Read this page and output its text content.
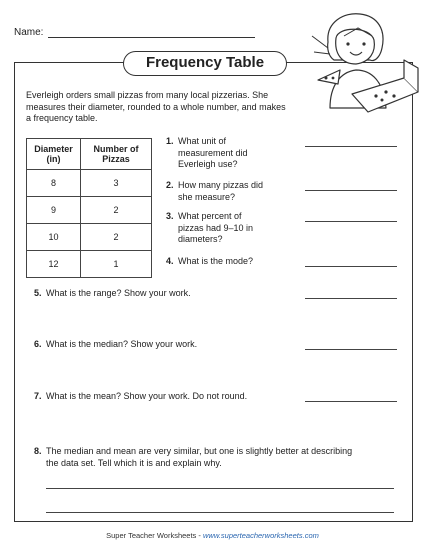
Name:
Frequency Table
Everleigh orders small pizzas from many local pizzerias. She measures their diameter, rounded to a whole number, and makes a frequency table.
Diameter (in)	Number of Pizzas
8	3
9	2
10	2
12	1
1. What unit of measurement did Everleigh use?
2. How many pizzas did she measure?
3. What percent of pizzas had 9–10 in diameters?
4. What is the mode?
5. What is the range? Show your work.
6. What is the median? Show your work.
7. What is the mean? Show your work. Do not round.
8. The median and mean are very similar, but one is slightly better at describing the data set. Tell which it is and explain why.
Super Teacher Worksheets - www.superteacherworksheets.com
